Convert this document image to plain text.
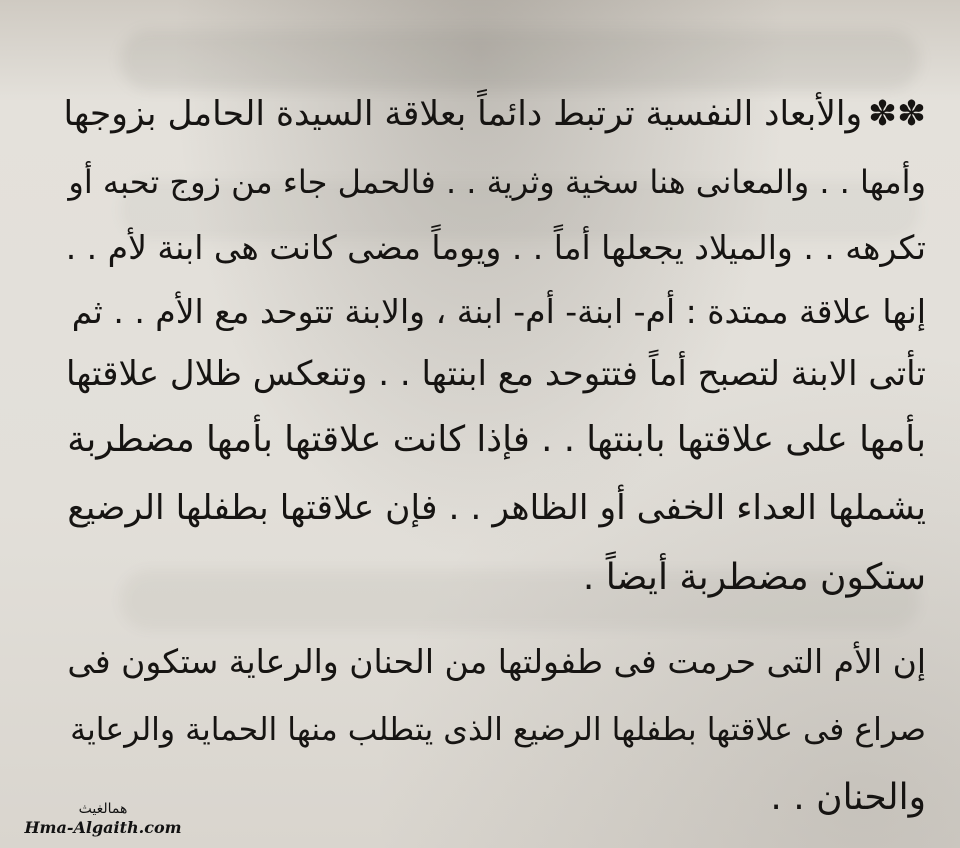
✽✽والأبعاد النفسية ترتبط دائماً بعلاقة السيدة الحامل بزوجها
وأمها . . والمعانى هنا سخية وثرية . . فالحمل جاء من زوج تحبه أو
تكرهه . . والميلاد يجعلها أماً . . ويوماً مضى كانت هى ابنة لأم . .
إنها علاقة ممتدة : أم- ابنة- أم- ابنة ، والابنة تتوحد مع الأم . . ثم
تأتى الابنة لتصبح أماً فتتوحد مع ابنتها . . وتنعكس ظلال علاقتها
بأمها على علاقتها بابنتها . . فإذا كانت علاقتها بأمها مضطربة
يشملها العداء الخفى أو الظاهر . . فإن علاقتها بطفلها الرضيع
ستكون مضطربة أيضاً .
إن الأم التى حرمت فى طفولتها من الحنان والرعاية ستكون فى
صراع فى علاقتها بطفلها الرضيع الذى يتطلب منها الحماية والرعاية
والحنان . .
همالغيث
Hma-Algaith.com
